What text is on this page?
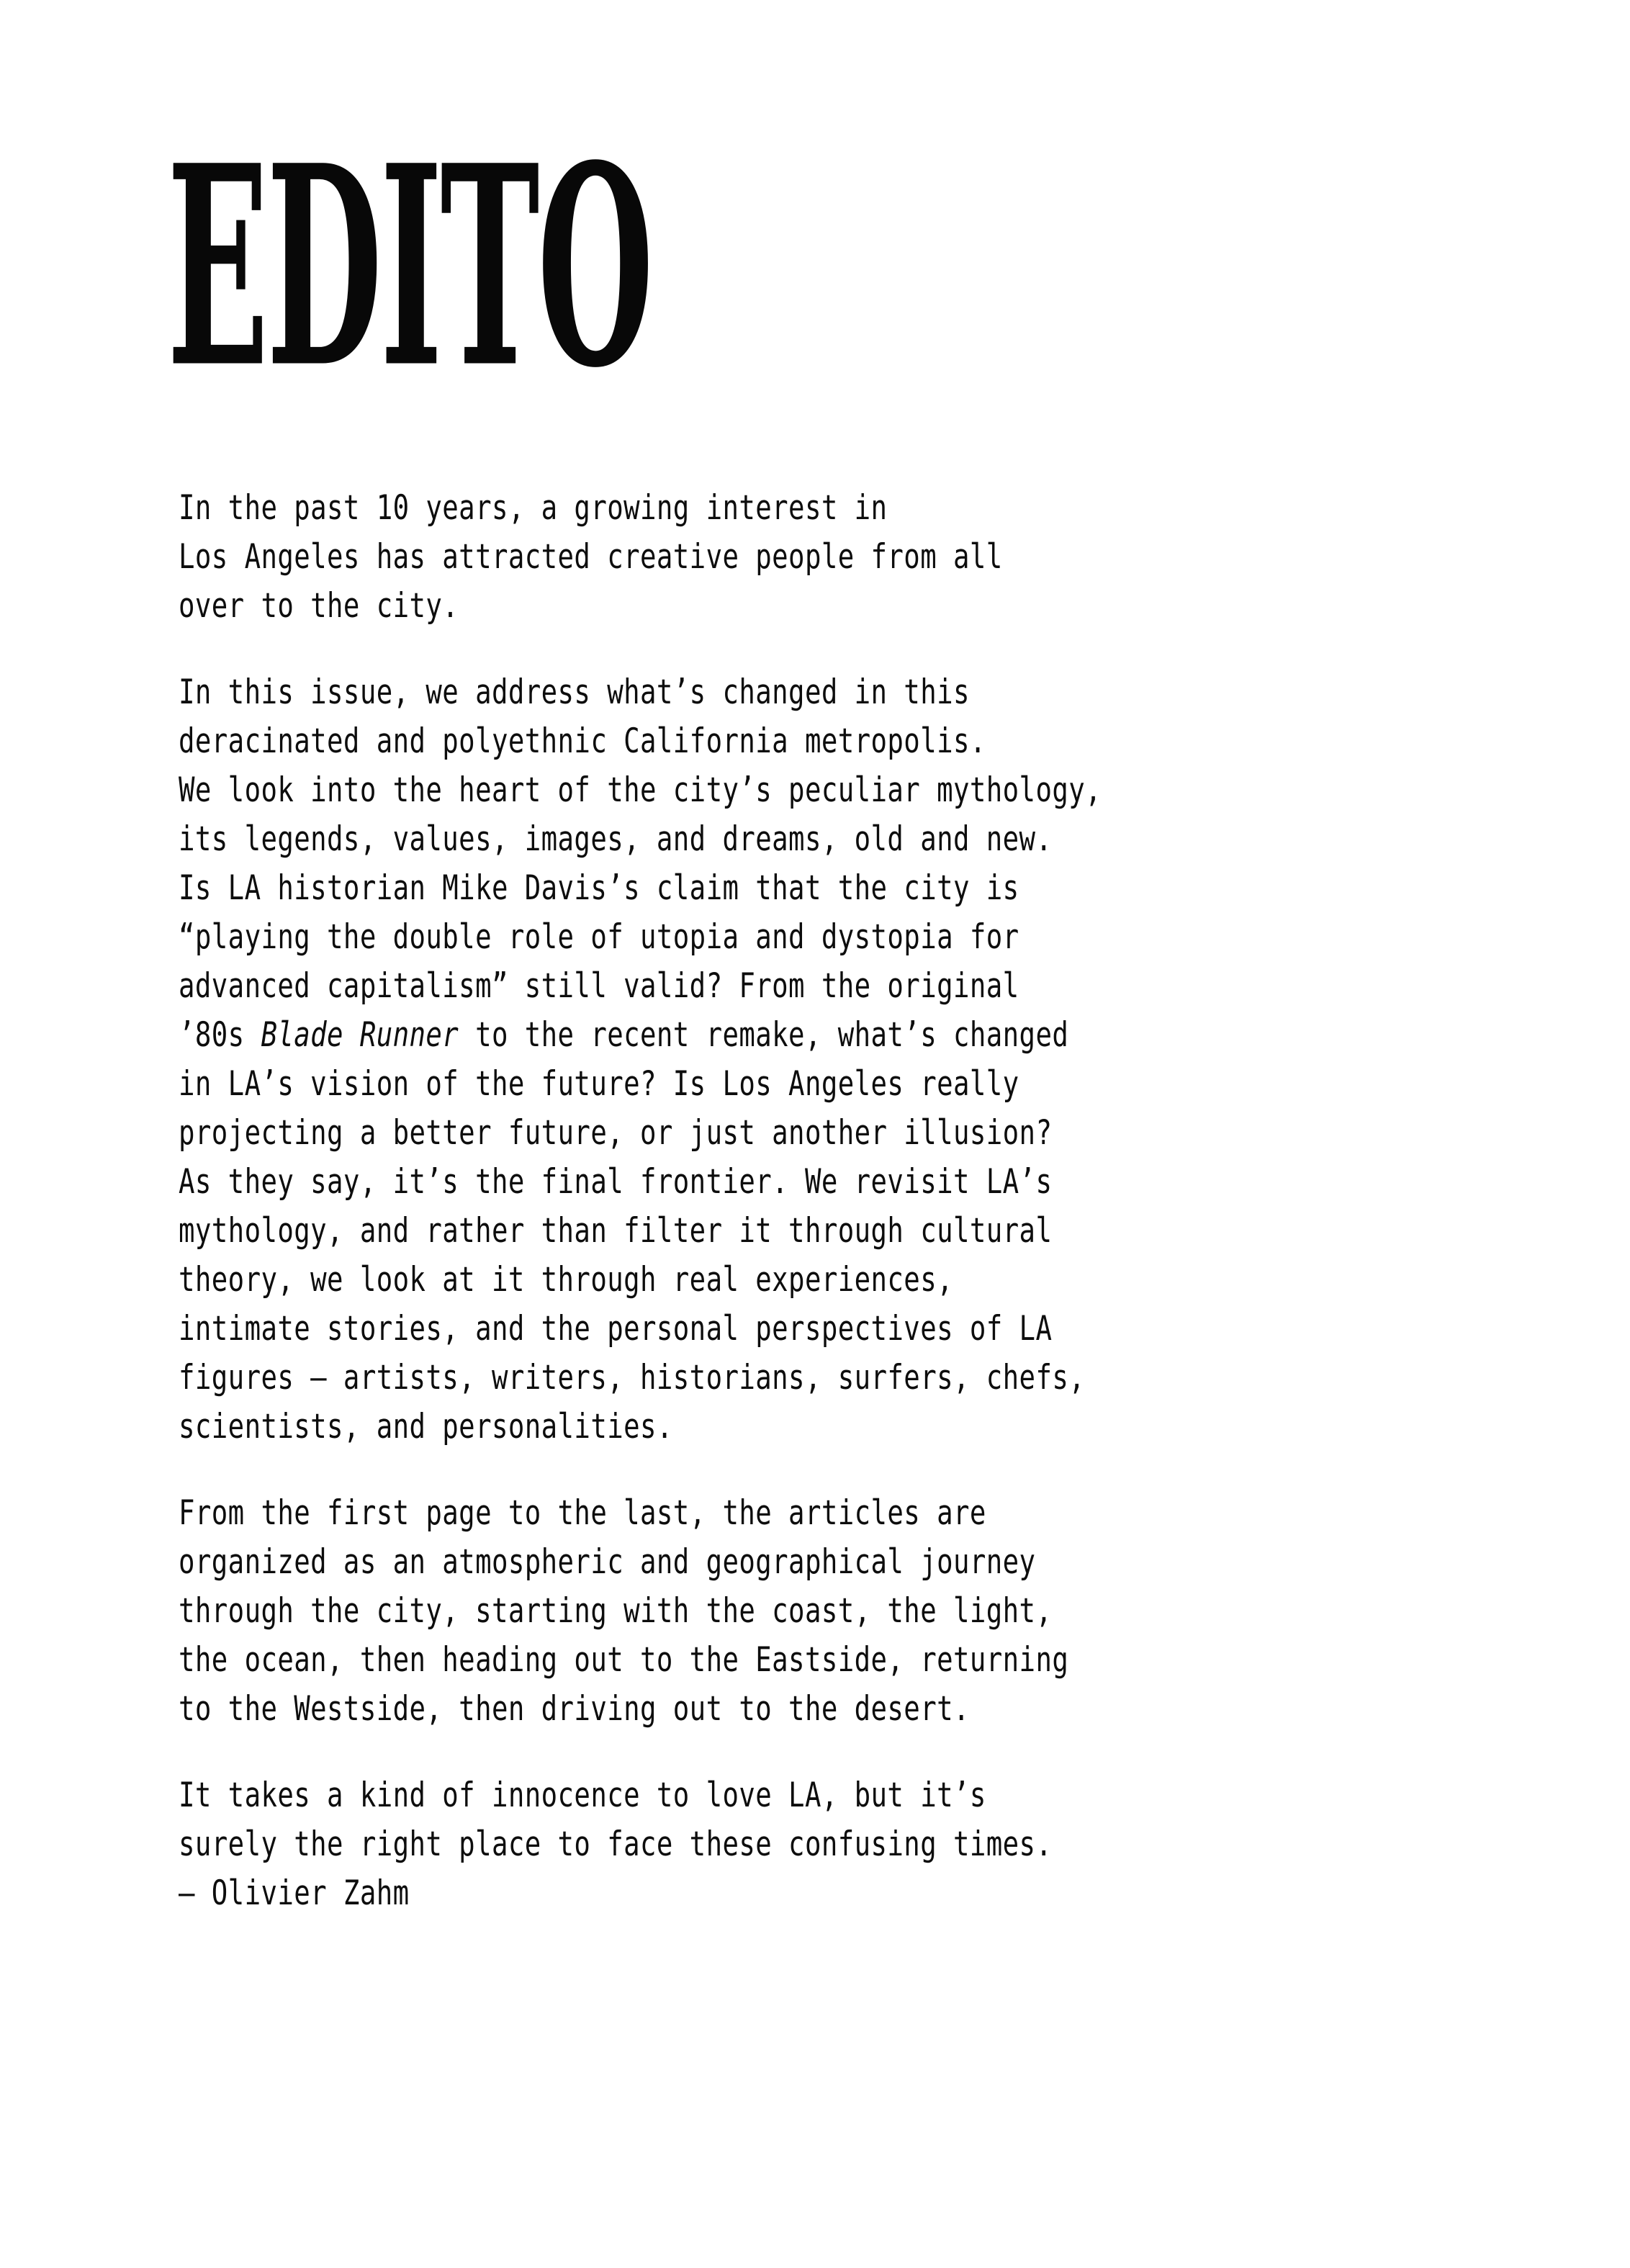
EDITO
In the past 10 years, a growing interest in
Los Angeles has attracted creative people from all
over to the city.
In this issue, we address what’s changed in this
deracinated and polyethnic California metropolis.
We look into the heart of the city’s peculiar mythology,
its legends, values, images, and dreams, old and new.
Is LA historian Mike Davis’s claim that the city is
“playing the double role of utopia and dystopia for
advanced capitalism” still valid? From the original
’80s Blade Runner to the recent remake, what’s changed
in LA’s vision of the future? Is Los Angeles really
projecting a better future, or just another illusion?
As they say, it’s the final frontier. We revisit LA’s
mythology, and rather than filter it through cultural
theory, we look at it through real experiences,
intimate stories, and the personal perspectives of LA
figures — artists, writers, historians, surfers, chefs,
scientists, and personalities.
From the first page to the last, the articles are
organized as an atmospheric and geographical journey
through the city, starting with the coast, the light,
the ocean, then heading out to the Eastside, returning
to the Westside, then driving out to the desert.
It takes a kind of innocence to love LA, but it’s
surely the right place to face these confusing times.
— Olivier Zahm
